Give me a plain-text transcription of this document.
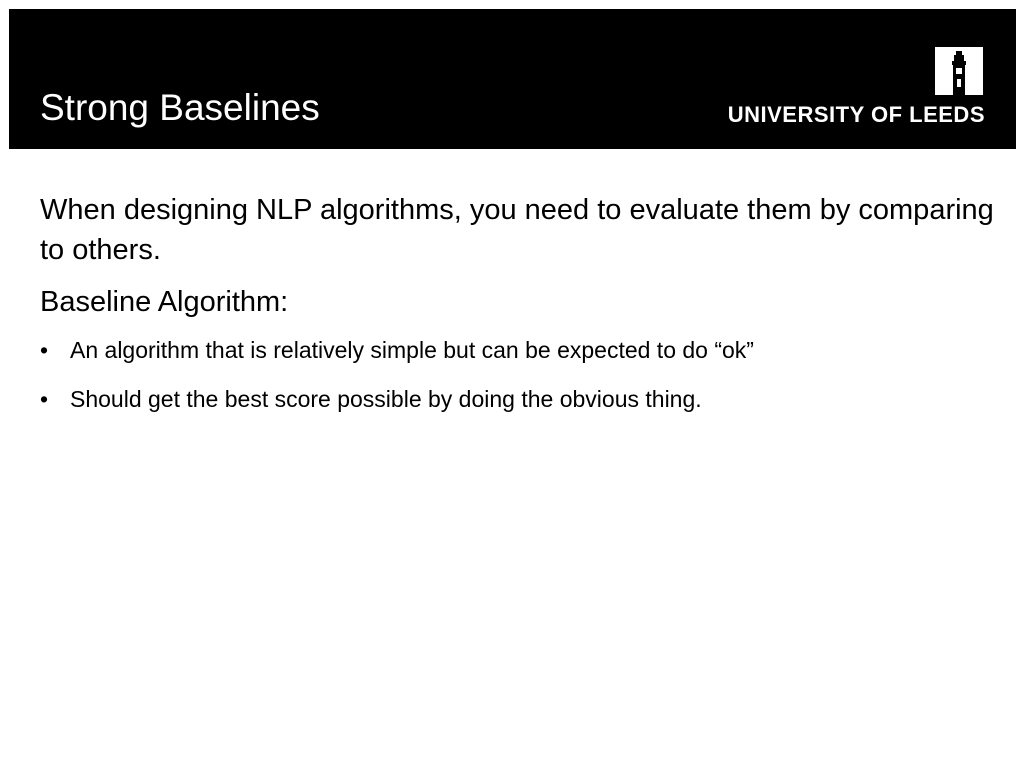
Strong Baselines	UNIVERSITY OF LEEDS

When designing NLP algorithms, you need to evaluate them by comparing to others.

Baseline Algorithm:

• An algorithm that is relatively simple but can be expected to do “ok”
• Should get the best score possible by doing the obvious thing.
